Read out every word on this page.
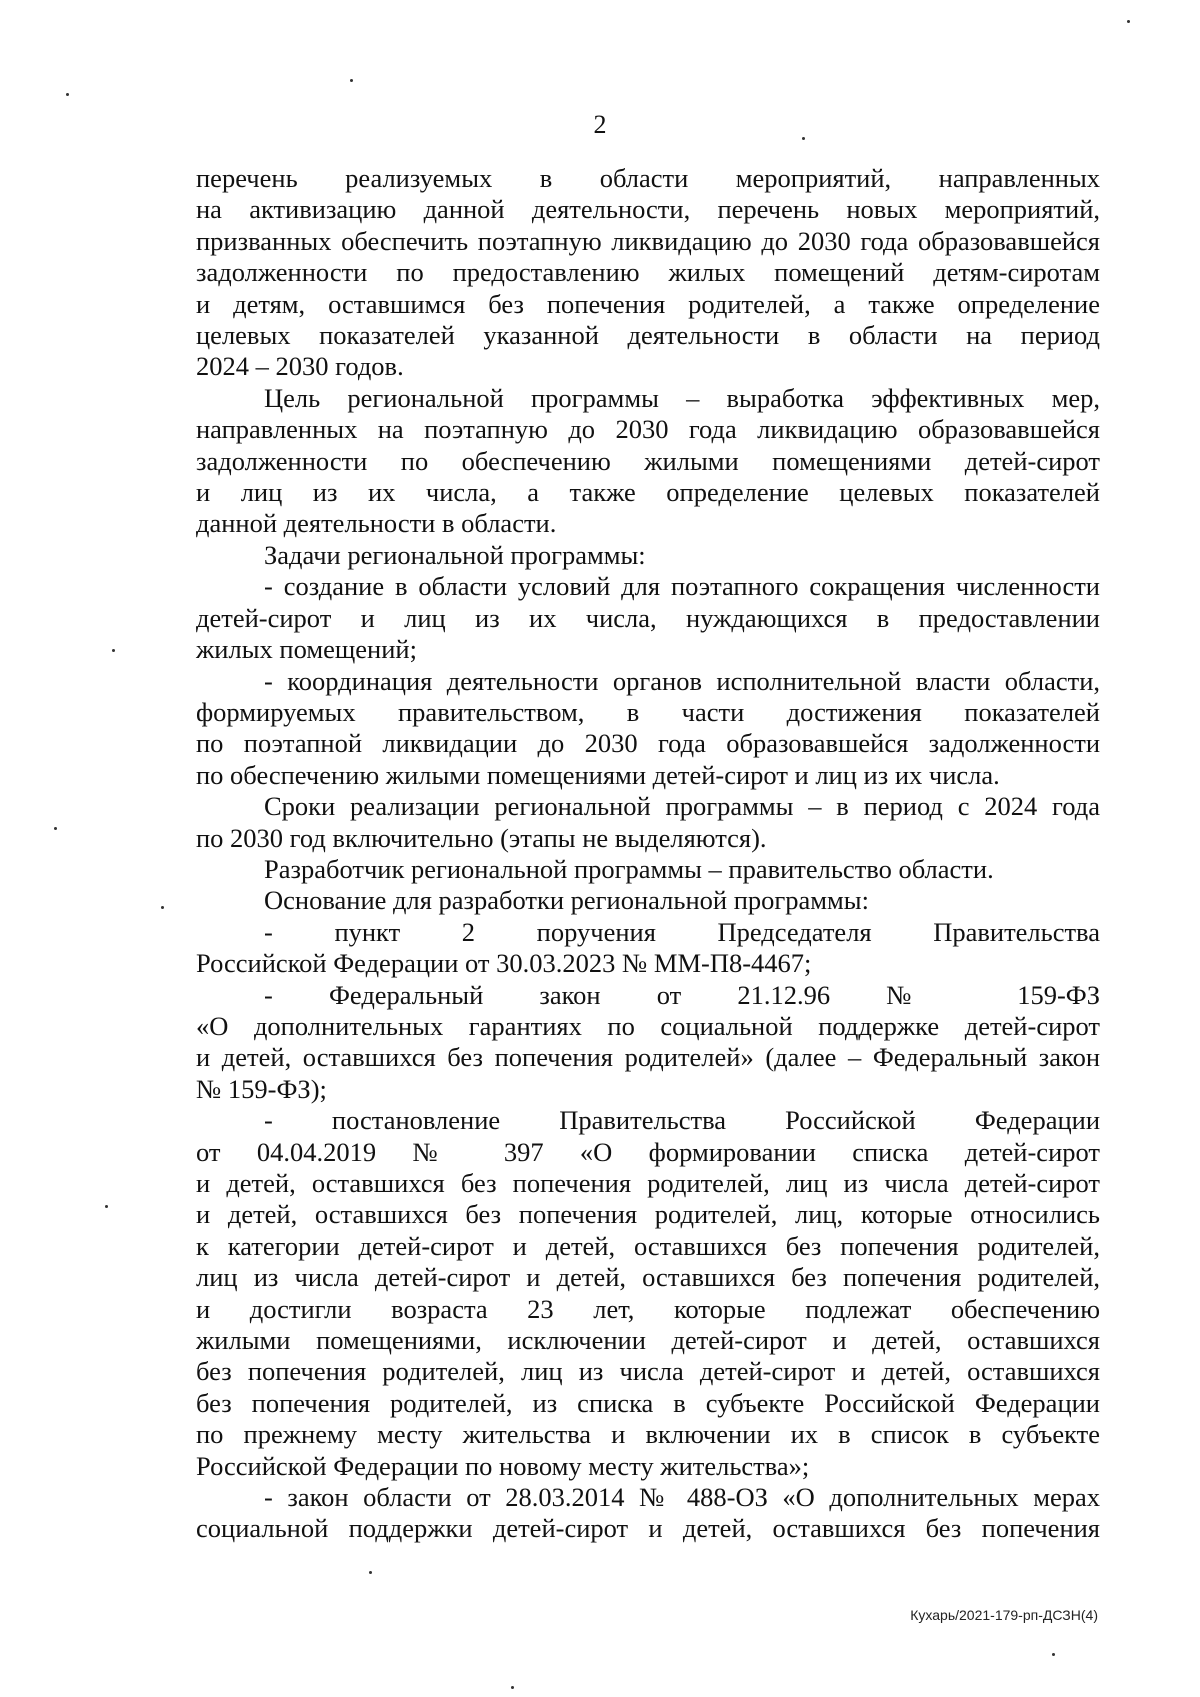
2
перечень реализуемых в области мероприятий, направленных
на активизацию данной деятельности, перечень новых мероприятий,
призванных обеспечить поэтапную ликвидацию до 2030 года образовавшейся
задолженности по предоставлению жилых помещений детям-сиротам
и детям, оставшимся без попечения родителей, а также определение
целевых показателей указанной деятельности в области на период
2024 – 2030 годов.
Цель региональной программы – выработка эффективных мер,
направленных на поэтапную до 2030 года ликвидацию образовавшейся
задолженности по обеспечению жилыми помещениями детей-сирот
и лиц из их числа, а также определение целевых показателей
данной деятельности в области.
Задачи региональной программы:
- создание в области условий для поэтапного сокращения численности
детей-сирот и лиц из их числа, нуждающихся в предоставлении
жилых помещений;
- координация деятельности органов исполнительной власти области,
формируемых правительством, в части достижения показателей
по поэтапной ликвидации до 2030 года образовавшейся задолженности
по обеспечению жилыми помещениями детей-сирот и лиц из их числа.
Сроки реализации региональной программы – в период с 2024 года
по 2030 год включительно (этапы не выделяются).
Разработчик региональной программы – правительство области.
Основание для разработки региональной программы:
- пункт 2 поручения Председателя Правительства
Российской Федерации от 30.03.2023 № ММ-П8-4467;
- Федеральный закон от 21.12.96 № 159-ФЗ
«О дополнительных гарантиях по социальной поддержке детей-сирот
и детей, оставшихся без попечения родителей» (далее – Федеральный закон
№ 159-ФЗ);
- постановление Правительства Российской Федерации
от 04.04.2019 № 397 «О формировании списка детей-сирот
и детей, оставшихся без попечения родителей, лиц из числа детей-сирот
и детей, оставшихся без попечения родителей, лиц, которые относились
к категории детей-сирот и детей, оставшихся без попечения родителей,
лиц из числа детей-сирот и детей, оставшихся без попечения родителей,
и достигли возраста 23 лет, которые подлежат обеспечению
жилыми помещениями, исключении детей-сирот и детей, оставшихся
без попечения родителей, лиц из числа детей-сирот и детей, оставшихся
без попечения родителей, из списка в субъекте Российской Федерации
по прежнему месту жительства и включении их в список в субъекте
Российской Федерации по новому месту жительства»;
- закон области от 28.03.2014 № 488-ОЗ «О дополнительных мерах
социальной поддержки детей-сирот и детей, оставшихся без попечения
Кухарь/2021-179-рп-ДСЗН(4)
